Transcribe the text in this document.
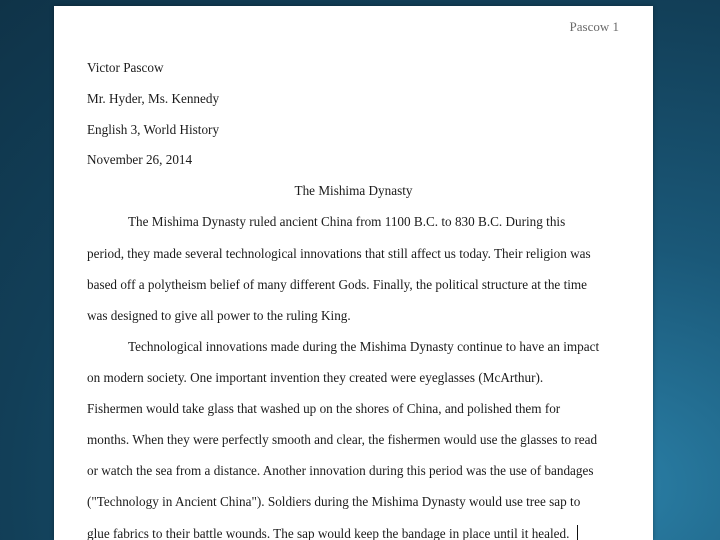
Pascow 1
Victor Pascow
Mr. Hyder, Ms. Kennedy
English 3, World History
November 26, 2014
The Mishima Dynasty
The Mishima Dynasty ruled ancient China from 1100 B.C. to 830 B.C. During this
period, they made several technological innovations that still affect us today. Their religion was
based off a polytheism belief of many different Gods. Finally, the political structure at the time
was designed to give all power to the ruling King.
Technological innovations made during the Mishima Dynasty continue to have an impact
on modern society. One important invention they created were eyeglasses (McArthur).
Fishermen would take glass that washed up on the shores of China, and polished them for
months. When they were perfectly smooth and clear, the fishermen would use the glasses to read
or watch the sea from a distance. Another innovation during this period was the use of bandages
("Technology in Ancient China"). Soldiers during the Mishima Dynasty would use tree sap to
glue fabrics to their battle wounds. The sap would keep the bandage in place until it healed.
